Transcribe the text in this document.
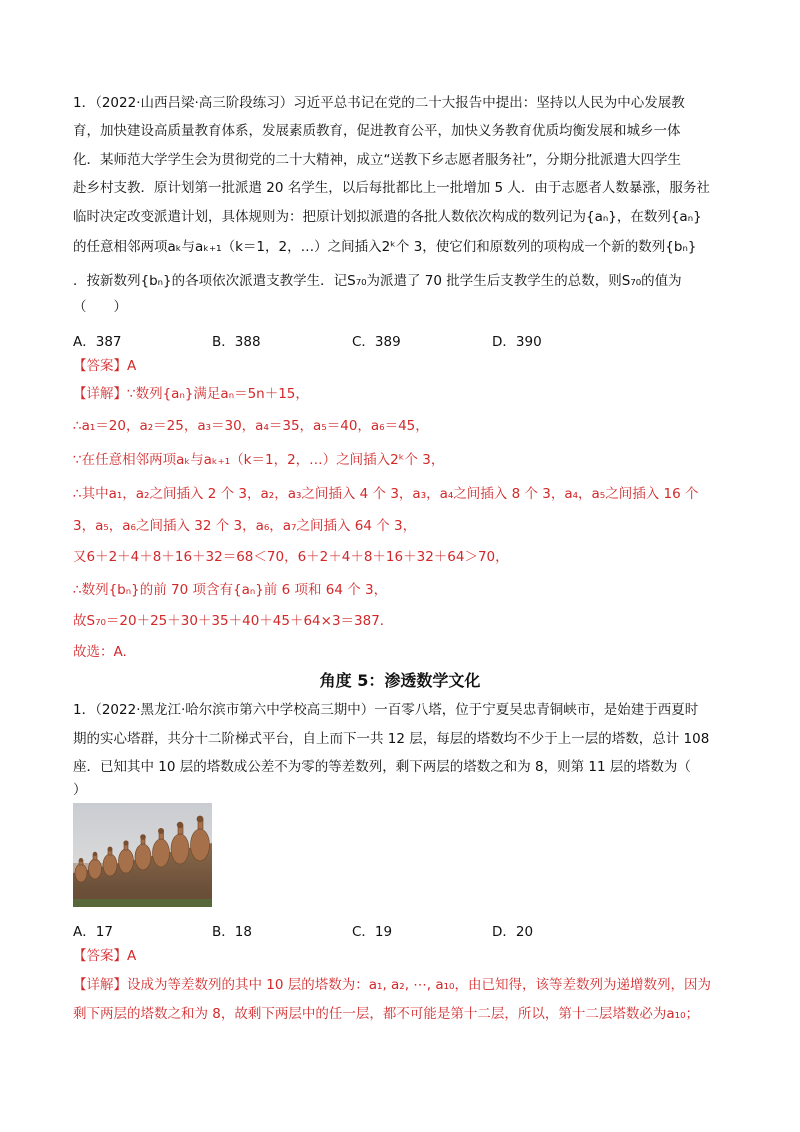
1．（2022·山西吕梁·高三阶段练习）习近平总书记在党的二十大报告中提出：坚持以人民为中心发展教
育，加快建设高质量教育体系，发展素质教育，促进教育公平，加快义务教育优质均衡发展和城乡一体
化．某师范大学学生会为贯彻党的二十大精神，成立“送教下乡志愿者服务社”，分期分批派遣大四学生
赴乡村支教．原计划第一批派遣 20 名学生，以后每批都比上一批增加 5 人．由于志愿者人数暴涨，服务社
临时决定改变派遣计划，具体规则为：把原计划拟派遣的各批人数依次构成的数列记为{aₙ}，在数列{aₙ}
的任意相邻两项aₖ与aₖ₊₁（k＝1，2，…）之间插入2ᵏ个 3，使它们和原数列的项构成一个新的数列{bₙ}
．按新数列{bₙ}的各项依次派遣支教学生．记S₇₀为派遣了 70 批学生后支教学生的总数，则S₇₀的值为
（　　）
A．387	B．388	C．389	D．390
【答案】A
【详解】∵数列{aₙ}满足aₙ＝5n＋15，
∴a₁＝20，a₂＝25，a₃＝30，a₄＝35，a₅＝40，a₆＝45，
∵在任意相邻两项aₖ与aₖ₊₁（k＝1，2，…）之间插入2ᵏ个 3，
∴其中a₁，a₂之间插入 2 个 3，a₂，a₃之间插入 4 个 3，a₃，a₄之间插入 8 个 3，a₄，a₅之间插入 16 个
3，a₅，a₆之间插入 32 个 3，a₆，a₇之间插入 64 个 3，
又6＋2＋4＋8＋16＋32＝68＜70，6＋2＋4＋8＋16＋32＋64＞70，
∴数列{bₙ}的前 70 项含有{aₙ}前 6 项和 64 个 3，
故S₇₀＝20＋25＋30＋35＋40＋45＋64×3＝387．
故选：A.
角度 5：渗透数学文化
1．（2022·黑龙江·哈尔滨市第六中学校高三期中）一百零八塔，位于宁夏吴忠青铜峡市，是始建于西夏时
期的实心塔群，共分十二阶梯式平台，自上而下一共 12 层，每层的塔数均不少于上一层的塔数，总计 108
座．已知其中 10 层的塔数成公差不为零的等差数列，剩下两层的塔数之和为 8，则第 11 层的塔数为（
）
A．17	B．18	C．19	D．20
【答案】A
【详解】设成为等差数列的其中 10 层的塔数为：a₁, a₂, ⋯, a₁₀，由已知得，该等差数列为递增数列，因为
剩下两层的塔数之和为 8，故剩下两层中的任一层，都不可能是第十二层，所以，第十二层塔数必为a₁₀；
